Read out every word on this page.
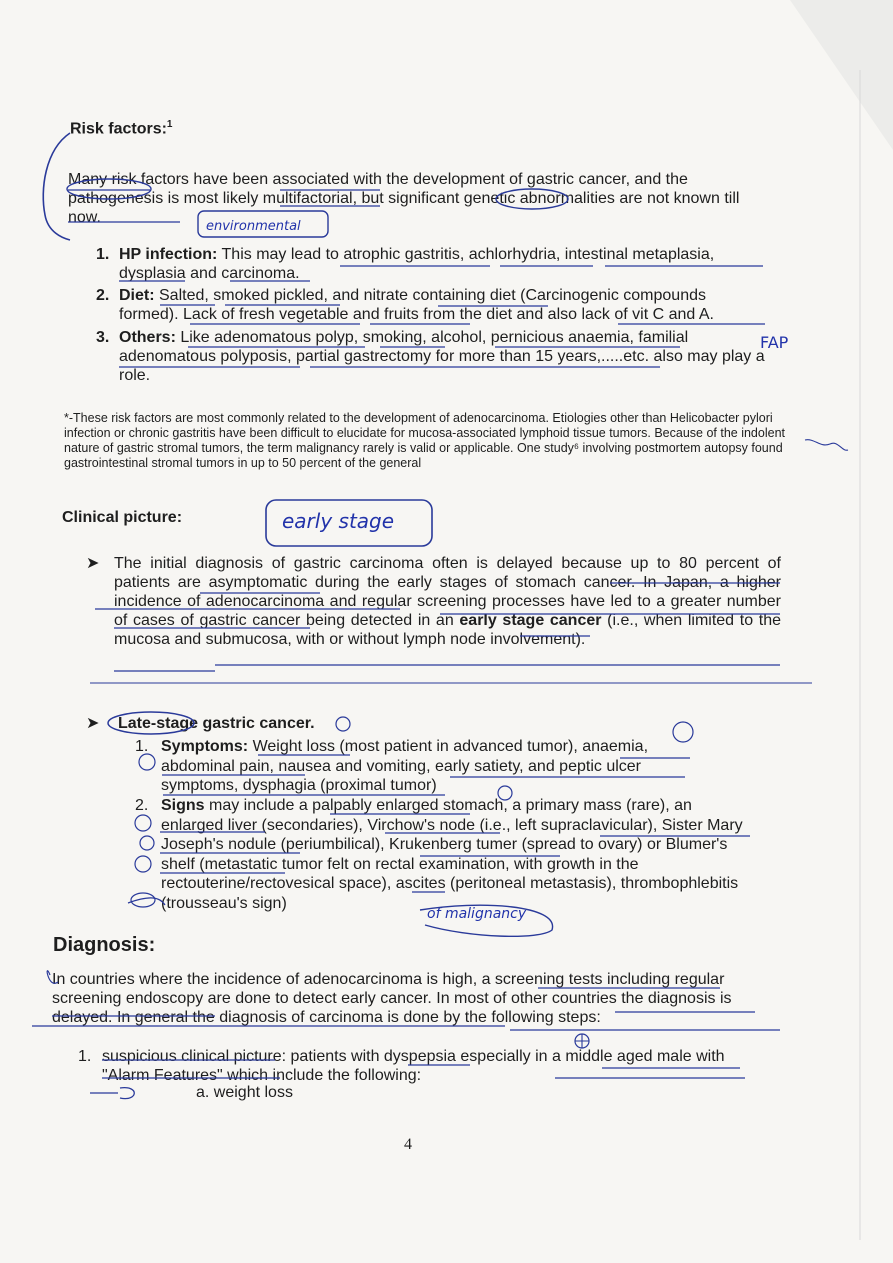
Risk factors:$^1$
Many risk factors have been associated with the development of gastric cancer, and the pathogenesis is most likely multifactorial, but significant genetic abnormalities are not known till now.
1. HP infection: This may lead to atrophic gastritis, achlorhydria, intestinal metaplasia, dysplasia and carcinoma.
2. Diet: Salted, smoked pickled, and nitrate containing diet (Carcinogenic compounds formed). Lack of fresh vegetable and fruits from the diet and also lack of vit C and A.
3. Others: Like adenomatous polyp, smoking, alcohol, pernicious anaemia, familial adenomatous polyposis, partial gastrectomy for more than 15 years,.....etc. also may play a role.
*-These risk factors are most commonly related to the development of adenocarcinoma. Etiologies other than Helicobacter pylori infection or chronic gastritis have been difficult to elucidate for mucosa-associated lymphoid tissue tumors. Because of the indolent nature of gastric stromal tumors, the term malignancy rarely is valid or applicable. One study⁶ involving postmortem autopsy found gastrointestinal stromal tumors in up to 50 percent of the general
Clinical picture:
➤ The initial diagnosis of gastric carcinoma often is delayed because up to 80 percent of patients are asymptomatic during the early stages of stomach cancer. In Japan, a higher incidence of adenocarcinoma and regular screening processes have led to a greater number of cases of gastric cancer being detected in an early stage cancer (i.e., when limited to the mucosa and submucosa, with or without lymph node involvement).
➤ Late-stage gastric cancer.
1. Symptoms: Weight loss (most patient in advanced tumor), anaemia, abdominal pain, nausea and vomiting, early satiety, and peptic ulcer symptoms, dysphagia (proximal tumor)
2. Signs may include a palpably enlarged stomach, a primary mass (rare), an enlarged liver (secondaries), Virchow's node (i.e., left supraclavicular), Sister Mary Joseph's nodule (periumbilical), Krukenberg tumer (spread to ovary) or Blumer's shelf (metastatic tumor felt on rectal examination, with growth in the rectouterine/rectovesical space), ascites (peritoneal metastasis), thrombophlebitis (trousseau's sign)
Diagnosis:
In countries where the incidence of adenocarcinoma is high, a screening tests including regular screening endoscopy are done to detect early cancer. In most of other countries the diagnosis is delayed. In general the diagnosis of carcinoma is done by the following steps:
1. suspicious clinical picture: patients with dyspepsia especially in a middle aged male with "Alarm Features" which include the following:
a. weight loss
4
environmental
FAP
early stage
of malignancy
